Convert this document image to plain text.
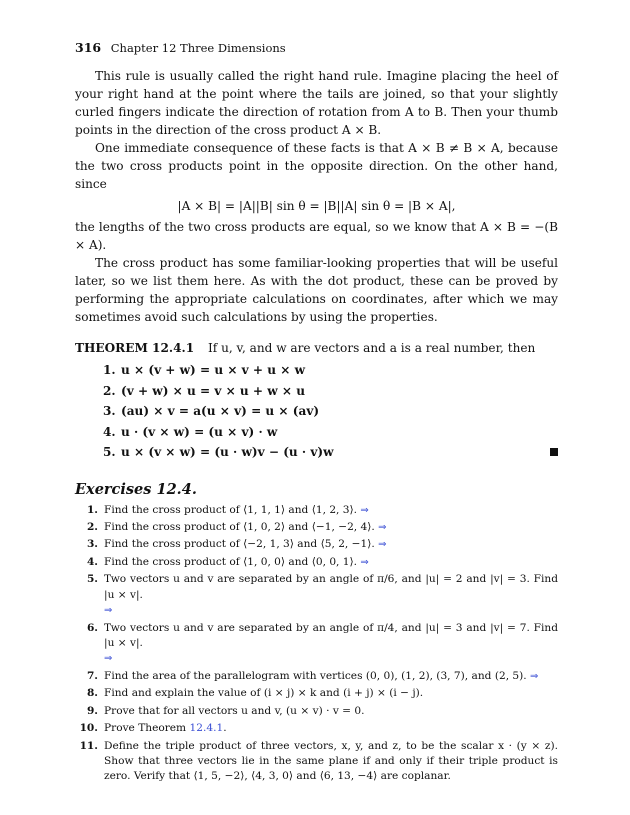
316 Chapter 12 Three Dimensions

This rule is usually called the right hand rule. Imagine placing the heel of your right hand at the point where the tails are joined, so that your slightly curled fingers indicate the direction of rotation from A to B. Then your thumb points in the direction of the cross product A × B.

One immediate consequence of these facts is that A × B ≠ B × A, because the two cross products point in the opposite direction. On the other hand, since

|A × B| = |A||B| sin θ = |B||A| sin θ = |B × A|,

the lengths of the two cross products are equal, so we know that A × B = −(B × A).

The cross product has some familiar-looking properties that will be useful later, so we list them here. As with the dot product, these can be proved by performing the appropriate calculations on coordinates, after which we may sometimes avoid such calculations by using the properties.

THEOREM 12.4.1 If u, v, and w are vectors and a is a real number, then
1. u × (v + w) = u × v + u × w
2. (v + w) × u = v × u + w × u
3. (au) × v = a(u × v) = u × (av)
4. u · (v × w) = (u × v) · w
5. u × (v × w) = (u · w)v − (u · v)w
Exercises 12.4.
1. Find the cross product of ⟨1, 1, 1⟩ and ⟨1, 2, 3⟩. ⇒
2. Find the cross product of ⟨1, 0, 2⟩ and ⟨−1, −2, 4⟩. ⇒
3. Find the cross product of ⟨−2, 1, 3⟩ and ⟨5, 2, −1⟩. ⇒
4. Find the cross product of ⟨1, 0, 0⟩ and ⟨0, 0, 1⟩. ⇒
5. Two vectors u and v are separated by an angle of π/6, and |u| = 2 and |v| = 3. Find |u × v|.
⇒
6. Two vectors u and v are separated by an angle of π/4, and |u| = 3 and |v| = 7. Find |u × v|.
⇒
7. Find the area of the parallelogram with vertices (0, 0), (1, 2), (3, 7), and (2, 5). ⇒
8. Find and explain the value of (i × j) × k and (i + j) × (i − j).
9. Prove that for all vectors u and v, (u × v) · v = 0.
10. Prove Theorem 12.4.1.
11. Define the triple product of three vectors, x, y, and z, to be the scalar x · (y × z). Show that three vectors lie in the same plane if and only if their triple product is zero. Verify that ⟨1, 5, −2⟩, ⟨4, 3, 0⟩ and ⟨6, 13, −4⟩ are coplanar.
